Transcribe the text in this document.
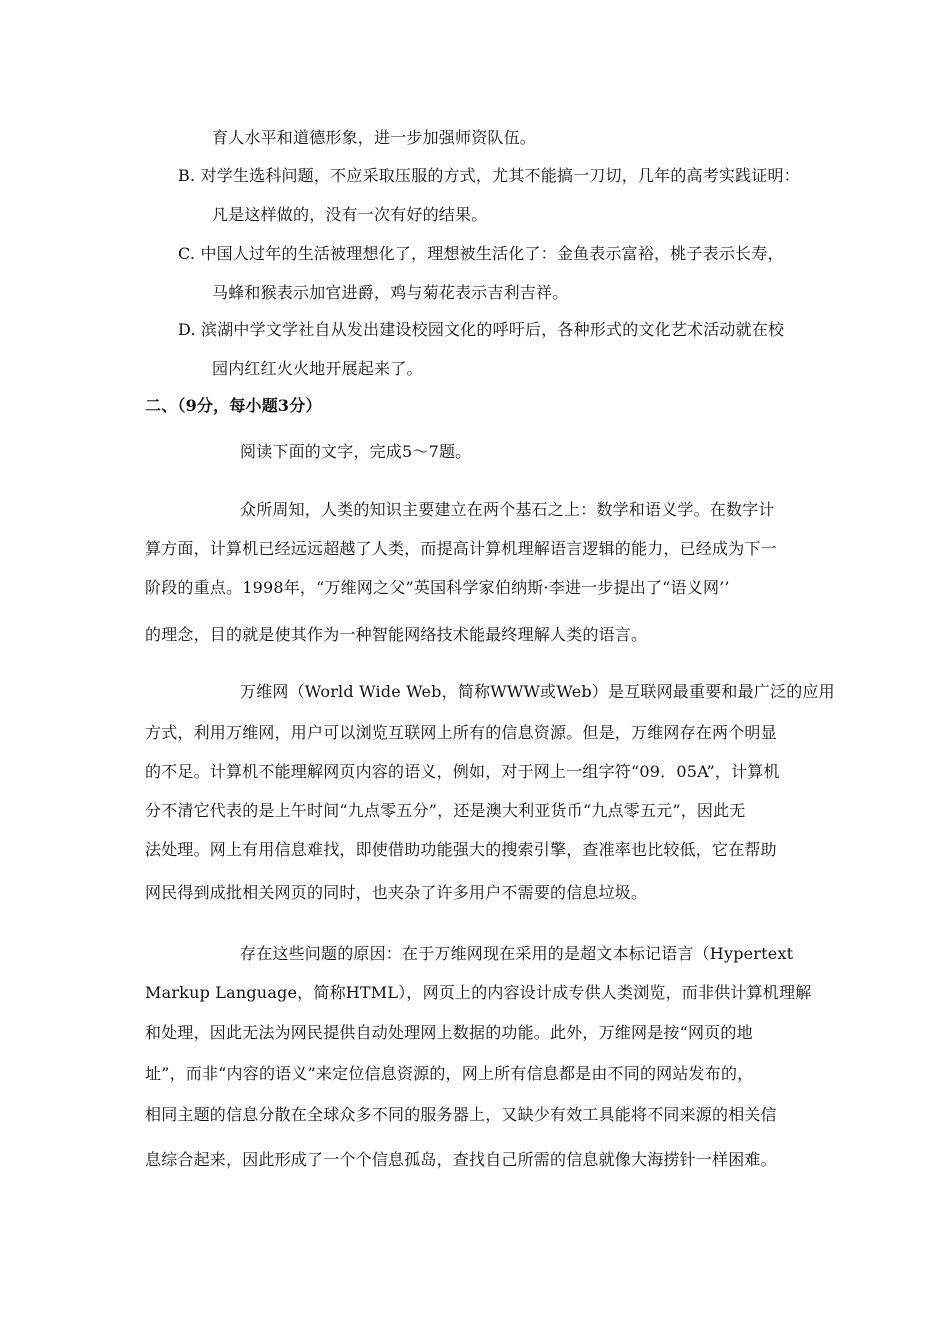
育人水平和道德形象，进一步加强师资队伍。
B. 对学生选科问题，不应采取压服的方式，尤其不能搞一刀切，几年的高考实践证明：
凡是这样做的，没有一次有好的结果。
C. 中国人过年的生活被理想化了，理想被生活化了：金鱼表示富裕，桃子表示长寿，
马蜂和猴表示加官进爵，鸡与菊花表示吉利吉祥。
D. 滨湖中学文学社自从发出建设校园文化的呼吁后，各种形式的文化艺术活动就在校
园内红红火火地开展起来了。
二、（9分，每小题3分）
阅读下面的文字，完成5～7题。
众所周知，人类的知识主要建立在两个基石之上：数学和语义学。在数字计
算方面，计算机已经远远超越了人类，而提高计算机理解语言逻辑的能力，已经成为下一
阶段的重点。1998年，“万维网之父”英国科学家伯纳斯·李进一步提出了“语义网’’
的理念，目的就是使其作为一种智能网络技术能最终理解人类的语言。
万维网（World Wide Web，简称WWW或Web）是互联网最重要和最广泛的应用
方式，利用万维网，用户可以浏览互联网上所有的信息资源。但是，万维网存在两个明显
的不足。计算机不能理解网页内容的语义，例如，对于网上一组字符“09．05A”，计算机
分不清它代表的是上午时间“九点零五分”，还是澳大利亚货币“九点零五元”，因此无
法处理。网上有用信息难找，即使借助功能强大的搜索引擎，查准率也比较低，它在帮助
网民得到成批相关网页的同时，也夹杂了许多用户不需要的信息垃圾。
存在这些问题的原因：在于万维网现在采用的是超文本标记语言（Hypertext
Markup Language，简称HTML），网页上的内容设计成专供人类浏览，而非供计算机理解
和处理，因此无法为网民提供自动处理网上数据的功能。此外，万维网是按“网页的地
址”，而非“内容的语义”来定位信息资源的，网上所有信息都是由不同的网站发布的，
相同主题的信息分散在全球众多不同的服务器上，又缺少有效工具能将不同来源的相关信
息综合起来，因此形成了一个个信息孤岛，查找自己所需的信息就像大海捞针一样困难。
